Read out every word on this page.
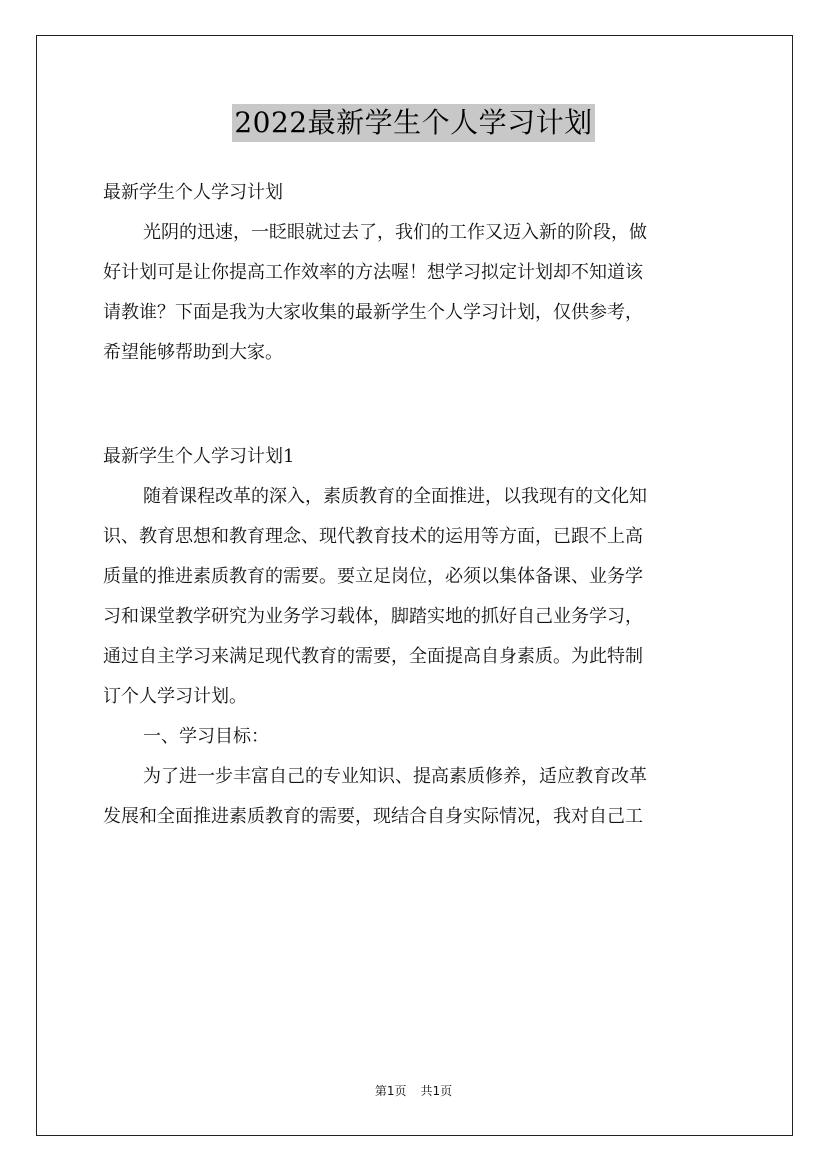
2022最新学生个人学习计划
最新学生个人学习计划
光阴的迅速，一眨眼就过去了，我们的工作又迈入新的阶段，做
好计划可是让你提高工作效率的方法喔！想学习拟定计划却不知道该
请教谁？下面是我为大家收集的最新学生个人学习计划，仅供参考，
希望能够帮助到大家。
最新学生个人学习计划1
随着课程改革的深入，素质教育的全面推进，以我现有的文化知
识、教育思想和教育理念、现代教育技术的运用等方面，已跟不上高
质量的推进素质教育的需要。要立足岗位，必须以集体备课、业务学
习和课堂教学研究为业务学习载体，脚踏实地的抓好自己业务学习，
通过自主学习来满足现代教育的需要，全面提高自身素质。为此特制
订个人学习计划。
一、学习目标：
为了进一步丰富自己的专业知识、提高素质修养，适应教育改革
发展和全面推进素质教育的需要，现结合自身实际情况，我对自己工
第1页 共1页
